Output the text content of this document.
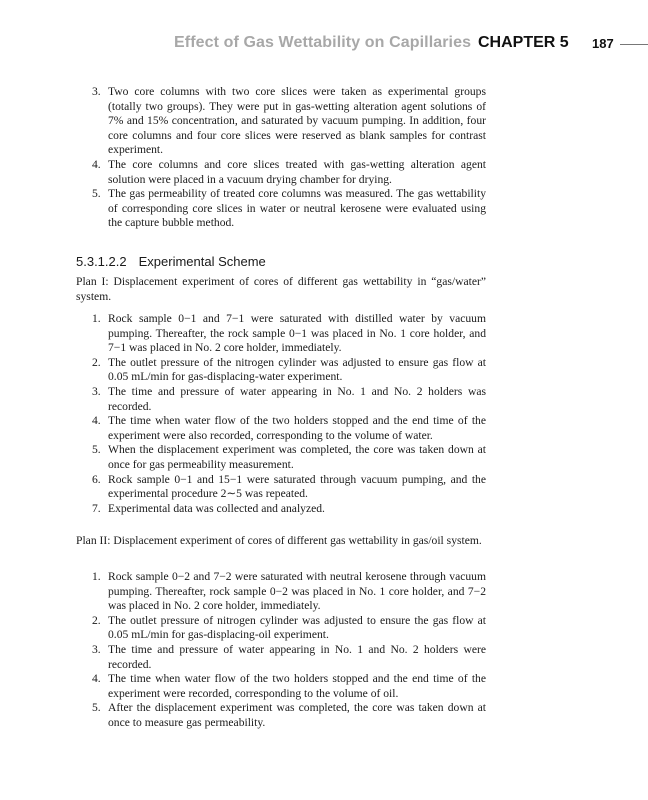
Effect of Gas Wettability on Capillaries CHAPTER 5 187
3. Two core columns with two core slices were taken as experimental groups (totally two groups). They were put in gas-wetting alteration agent solutions of 7% and 15% concentration, and saturated by vacuum pumping. In addition, four core columns and four core slices were reserved as blank samples for contrast experiment.
4. The core columns and core slices treated with gas-wetting alteration agent solution were placed in a vacuum drying chamber for drying.
5. The gas permeability of treated core columns was measured. The gas wettability of corresponding core slices in water or neutral kerosene were evaluated using the capture bubble method.
5.3.1.2.2 Experimental Scheme
Plan I: Displacement experiment of cores of different gas wettability in “gas/water” system.
1. Rock sample 0−1 and 7−1 were saturated with distilled water by vacuum pumping. Thereafter, the rock sample 0−1 was placed in No. 1 core holder, and 7−1 was placed in No. 2 core holder, immediately.
2. The outlet pressure of the nitrogen cylinder was adjusted to ensure gas flow at 0.05 mL/min for gas-displacing-water experiment.
3. The time and pressure of water appearing in No. 1 and No. 2 holders was recorded.
4. The time when water flow of the two holders stopped and the end time of the experiment were also recorded, corresponding to the volume of water.
5. When the displacement experiment was completed, the core was taken down at once for gas permeability measurement.
6. Rock sample 0−1 and 15−1 were saturated through vacuum pumping, and the experimental procedure 2∼5 was repeated.
7. Experimental data was collected and analyzed.
Plan II: Displacement experiment of cores of different gas wettability in gas/oil system.
1. Rock sample 0−2 and 7−2 were saturated with neutral kerosene through vacuum pumping. Thereafter, rock sample 0−2 was placed in No. 1 core holder, and 7−2 was placed in No. 2 core holder, immediately.
2. The outlet pressure of nitrogen cylinder was adjusted to ensure the gas flow at 0.05 mL/min for gas-displacing-oil experiment.
3. The time and pressure of water appearing in No. 1 and No. 2 holders were recorded.
4. The time when water flow of the two holders stopped and the end time of the experiment were recorded, corresponding to the volume of oil.
5. After the displacement experiment was completed, the core was taken down at once to measure gas permeability.
